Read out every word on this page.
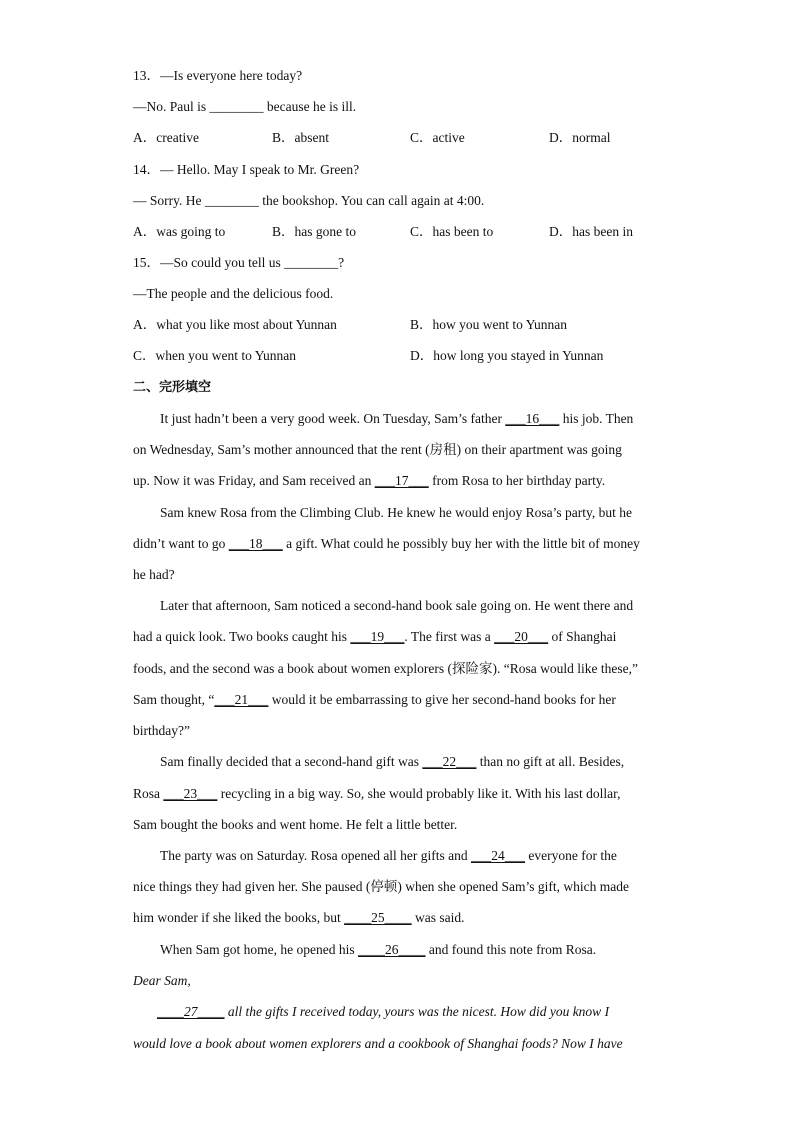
13．—Is everyone here today?
—No. Paul is ________ because he is ill.
A．creative	B．absent	C．active	D．normal
14．— Hello. May I speak to Mr. Green?
— Sorry. He ________ the bookshop. You can call again at 4:00.
A．was going to	B．has gone to	C．has been to	D．has been in
15．—So could you tell us ________?
—The people and the delicious food.
A．what you like most about Yunnan	B．how you went to Yunnan
C．when you went to Yunnan	D．how long you stayed in Yunnan
二、完形填空
It just hadn’t been a very good week. On Tuesday, Sam’s father ___16___ his job. Then
on Wednesday, Sam’s mother announced that the rent (房租) on their apartment was going
up. Now it was Friday, and Sam received an ___17___ from Rosa to her birthday party.
Sam knew Rosa from the Climbing Club. He knew he would enjoy Rosa’s party, but he
didn’t want to go ___18___ a gift. What could he possibly buy her with the little bit of money
he had?
Later that afternoon, Sam noticed a second-hand book sale going on. He went there and
had a quick look. Two books caught his ___19___. The first was a ___20___ of Shanghai
foods, and the second was a book about women explorers (探险家). “Rosa would like these,”
Sam thought, “___21___ would it be embarrassing to give her second-hand books for her
birthday?”
Sam finally decided that a second-hand gift was ___22___ than no gift at all. Besides,
Rosa ___23___ recycling in a big way. So, she would probably like it. With his last dollar,
Sam bought the books and went home. He felt a little better.
The party was on Saturday. Rosa opened all her gifts and ___24___ everyone for the
nice things they had given her. She paused (停顿) when she opened Sam’s gift, which made
him wonder if she liked the books, but ____25____ was said.
When Sam got home, he opened his ____26____ and found this note from Rosa.
Dear Sam,
____27____ all the gifts I received today, yours was the nicest. How did you know I
would love a book about women explorers and a cookbook of Shanghai foods? Now I have
